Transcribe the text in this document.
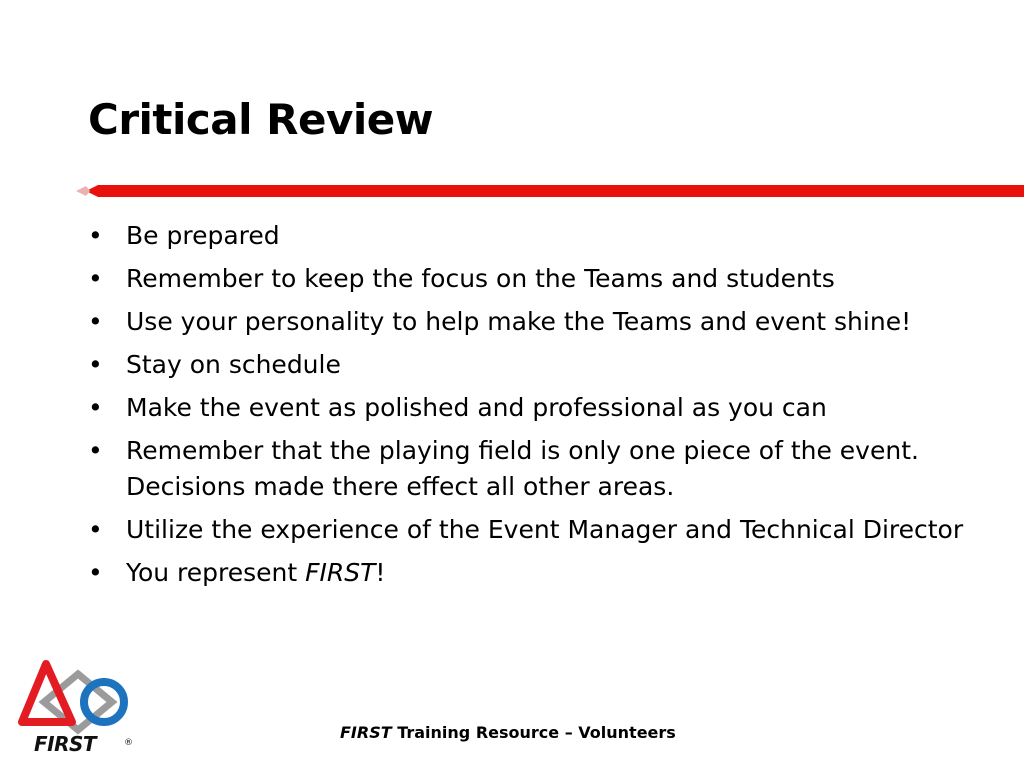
Critical Review
• Be prepared
• Remember to keep the focus on the Teams and students
• Use your personality to help make the Teams and event shine!
• Stay on schedule
• Make the event as polished and professional as you can
• Remember that the playing field is only one piece of the event. Decisions made there effect all other areas.
• Utilize the experience of the Event Manager and Technical Director
• You represent FIRST!
FIRST	®
FIRST Training Resource – Volunteers
